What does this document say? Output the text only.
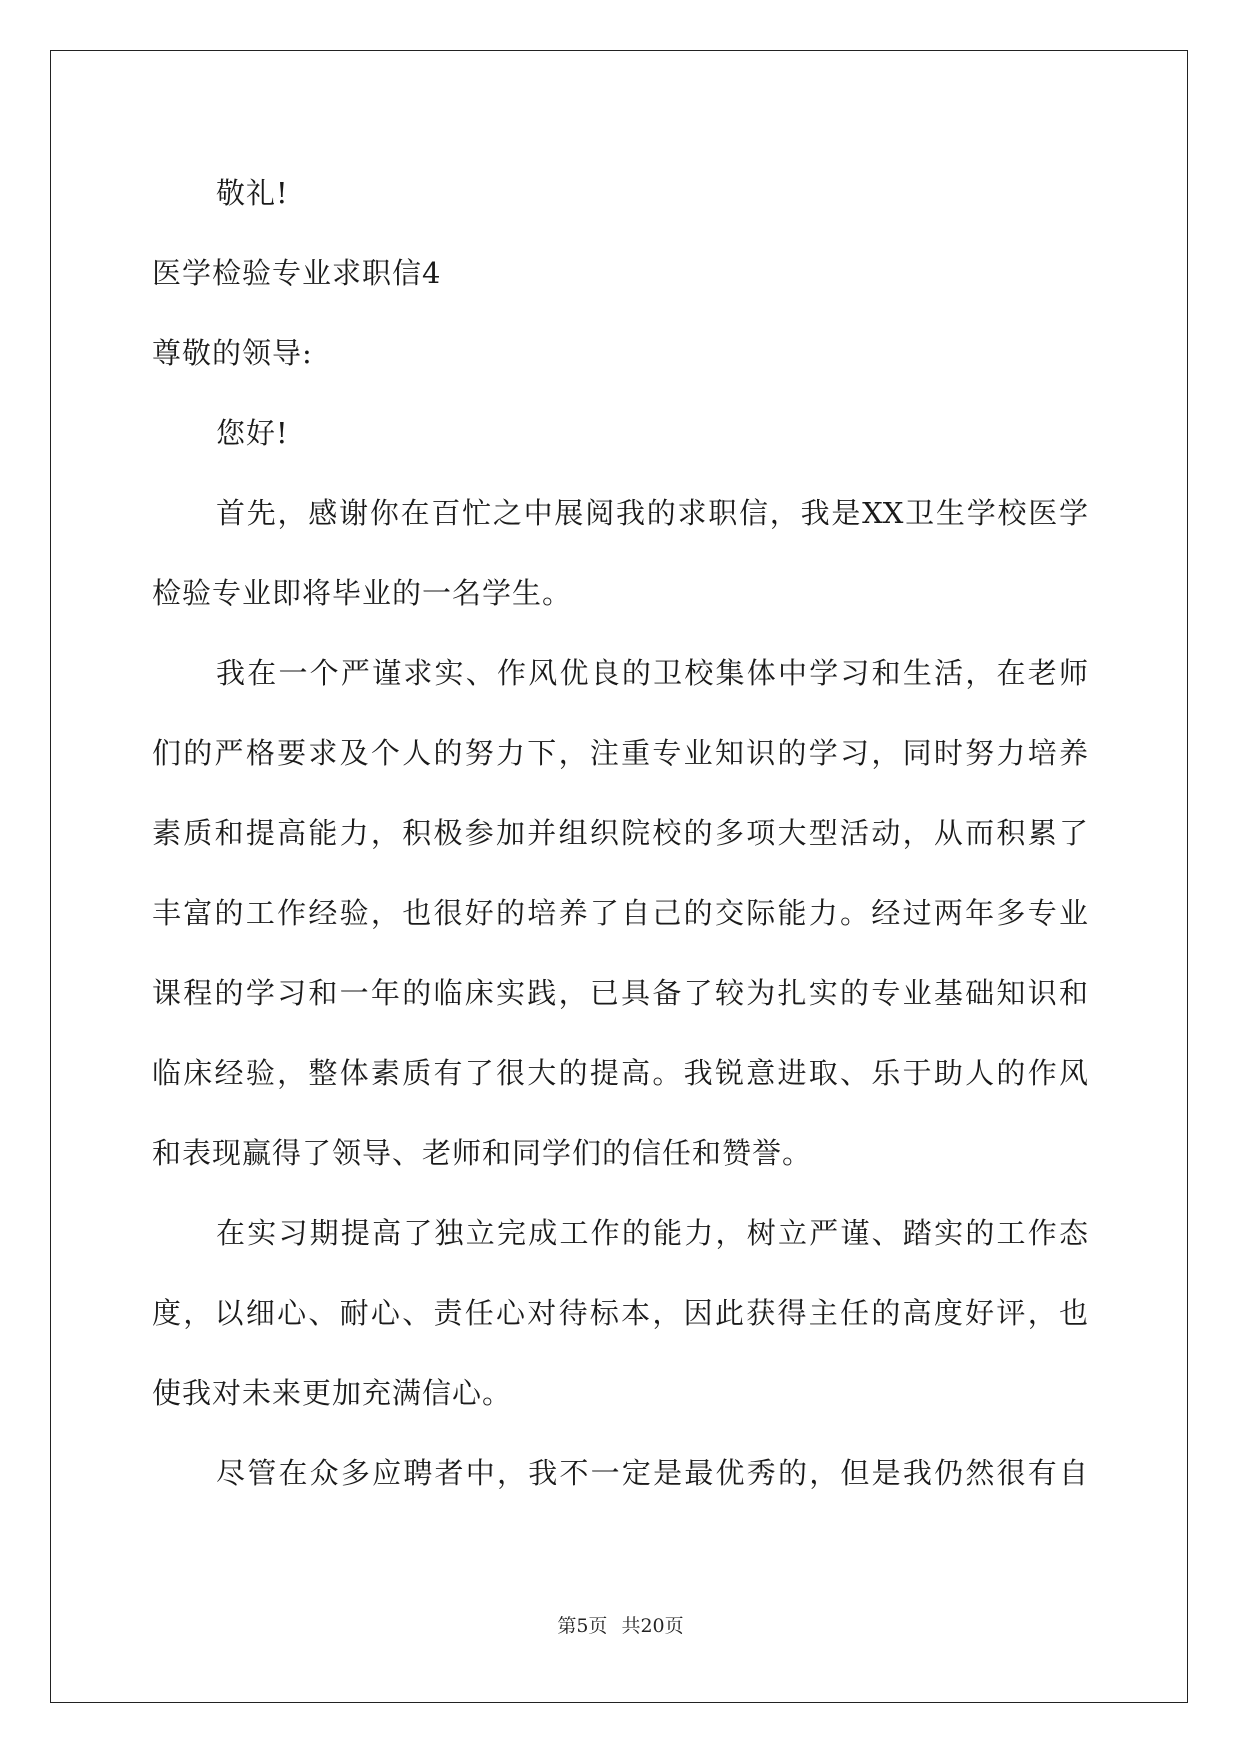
敬礼!
医学检验专业求职信4
尊敬的领导:
您好!
首先，感谢你在百忙之中展阅我的求职信，我是XX卫生学校医学
检验专业即将毕业的一名学生。
我在一个严谨求实、作风优良的卫校集体中学习和生活，在老师
们的严格要求及个人的努力下，注重专业知识的学习，同时努力培养
素质和提高能力，积极参加并组织院校的多项大型活动，从而积累了
丰富的工作经验，也很好的培养了自己的交际能力。经过两年多专业
课程的学习和一年的临床实践，已具备了较为扎实的专业基础知识和
临床经验，整体素质有了很大的提高。我锐意进取、乐于助人的作风
和表现赢得了领导、老师和同学们的信任和赞誉。
在实习期提高了独立完成工作的能力，树立严谨、踏实的工作态
度，以细心、耐心、责任心对待标本，因此获得主任的高度好评，也
使我对未来更加充满信心。
尽管在众多应聘者中，我不一定是最优秀的，但是我仍然很有自
第5页 共20页
